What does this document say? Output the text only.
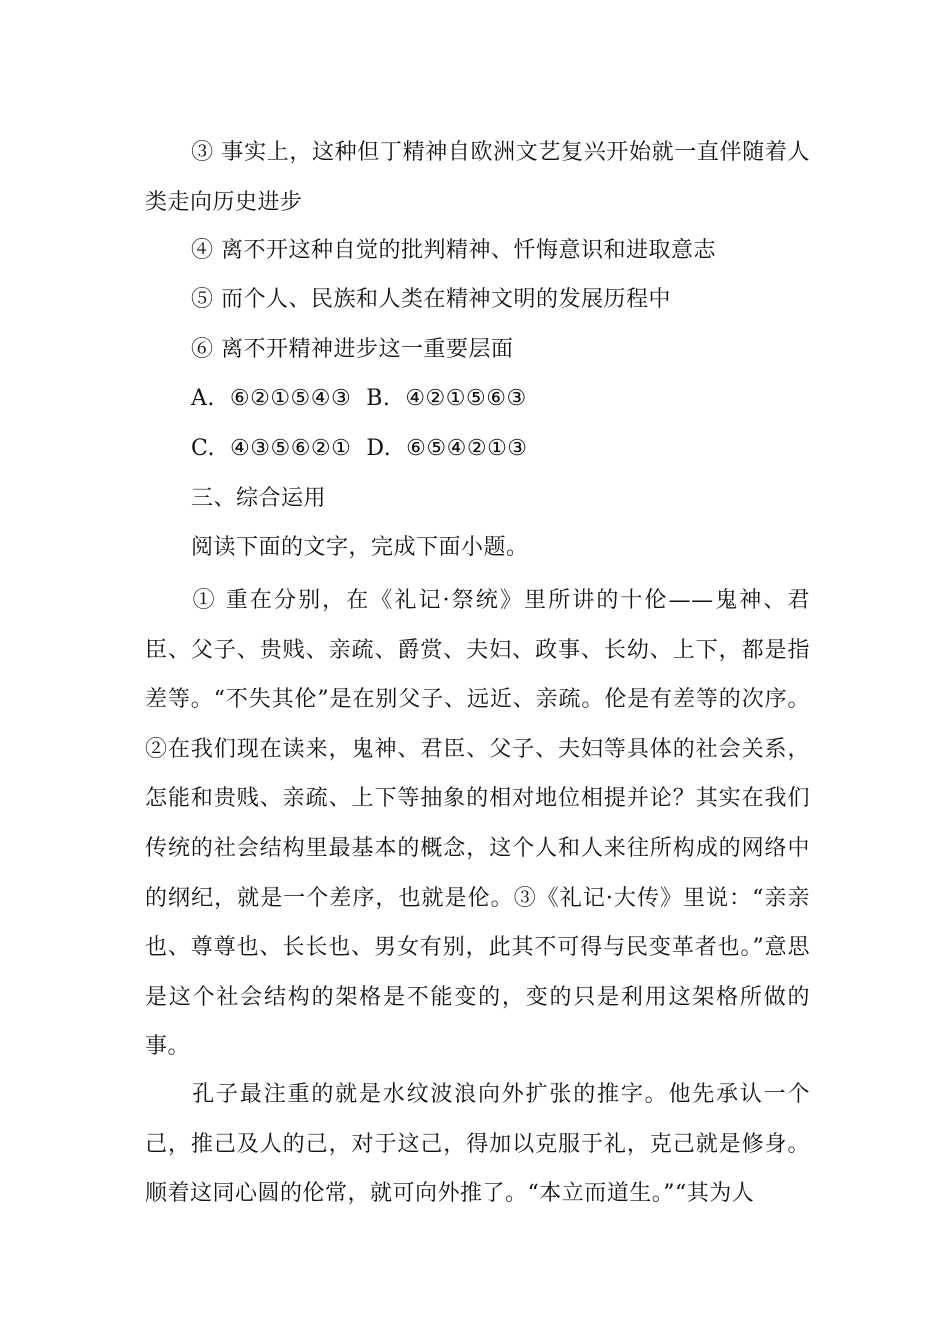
③ 事实上，这种但丁精神自欧洲文艺复兴开始就一直伴随着人类走向历史进步
④ 离不开这种自觉的批判精神、忏悔意识和进取意志
⑤ 而个人、民族和人类在精神文明的发展历程中
⑥ 离不开精神进步这一重要层面
A.  ⑥②①⑤④③  B.  ④②①⑤⑥③
C.  ④③⑤⑥②①  D.  ⑥⑤④②①③
三、综合运用
阅读下面的文字，完成下面小题。
① 重在分别，在《礼记·祭统》里所讲的十伦——鬼神、君臣、父子、贵贱、亲疏、爵赏、夫妇、政事、长幼、上下，都是指差等。“不失其伦”是在别父子、远近、亲疏。伦是有差等的次序。②在我们现在读来，鬼神、君臣、父子、夫妇等具体的社会关系，怎能和贵贱、亲疏、上下等抽象的相对地位相提并论？其实在我们传统的社会结构里最基本的概念，这个人和人来往所构成的网络中的纲纪，就是一个差序，也就是伦。③《礼记·大传》里说：“亲亲也、尊尊也、长长也、男女有别，此其不可得与民变革者也。”意思是这个社会结构的架格是不能变的，变的只是利用这架格所做的事。
孔子最注重的就是水纹波浪向外扩张的推字。他先承认一个己，推己及人的己，对于这己，得加以克服于礼，克己就是修身。顺着这同心圆的伦常，就可向外推了。“本立而道生。”“其为人
